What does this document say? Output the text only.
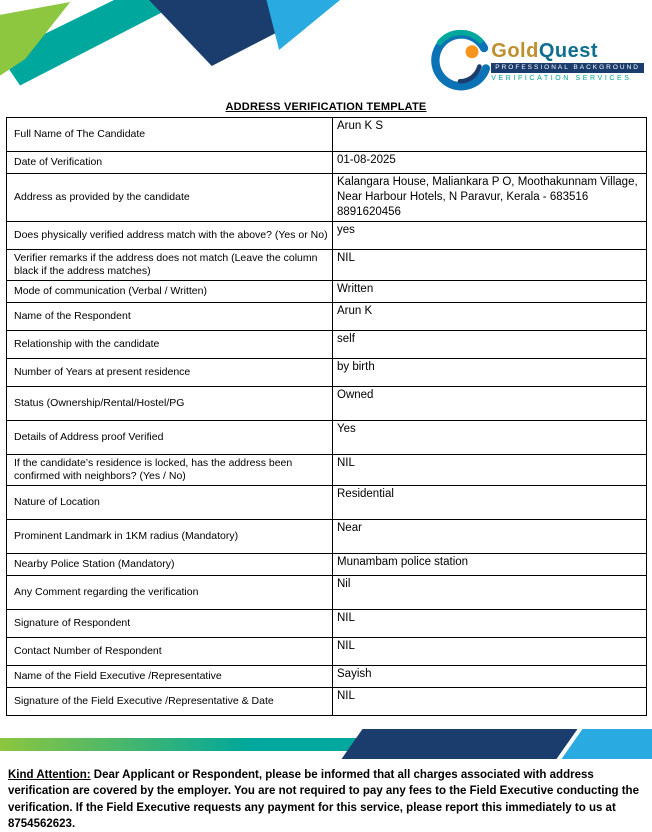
GoldQuest
PROFESSIONAL BACKGROUND
VERIFICATION SERVICES
ADDRESS VERIFICATION TEMPLATE
Full Name of The Candidate	Arun K S
Date of Verification	01-08-2025
Address as provided by the candidate	Kalangara House, Maliankara P O, Moothakunnam Village, Near Harbour Hotels, N Paravur, Kerala - 683516 8891620456
Does physically verified address match with the above? (Yes or No)	yes
Verifier remarks if the address does not match (Leave the column black if the address matches)	NIL
Mode of communication (Verbal / Written)	Written
Name of the Respondent	Arun K
Relationship with the candidate	self
Number of Years at present residence	by birth
Status (Ownership/Rental/Hostel/PG	Owned
Details of Address proof Verified	Yes
If the candidate’s residence is locked, has the address been confirmed with neighbors? (Yes / No)	NIL
Nature of Location	Residential
Prominent Landmark in 1KM radius (Mandatory)	Near
Nearby Police Station (Mandatory)	Munambam police station
Any Comment regarding the verification	Nil
Signature of Respondent	NIL
Contact Number of Respondent	NIL
Name of the Field Executive /Representative	Sayish
Signature of the Field Executive /Representative & Date	NIL
Kind Attention: Dear Applicant or Respondent, please be informed that all charges associated with address verification are covered by the employer. You are not required to pay any fees to the Field Executive conducting the verification. If the Field Executive requests any payment for this service, please report this immediately to us at 8754562623.
